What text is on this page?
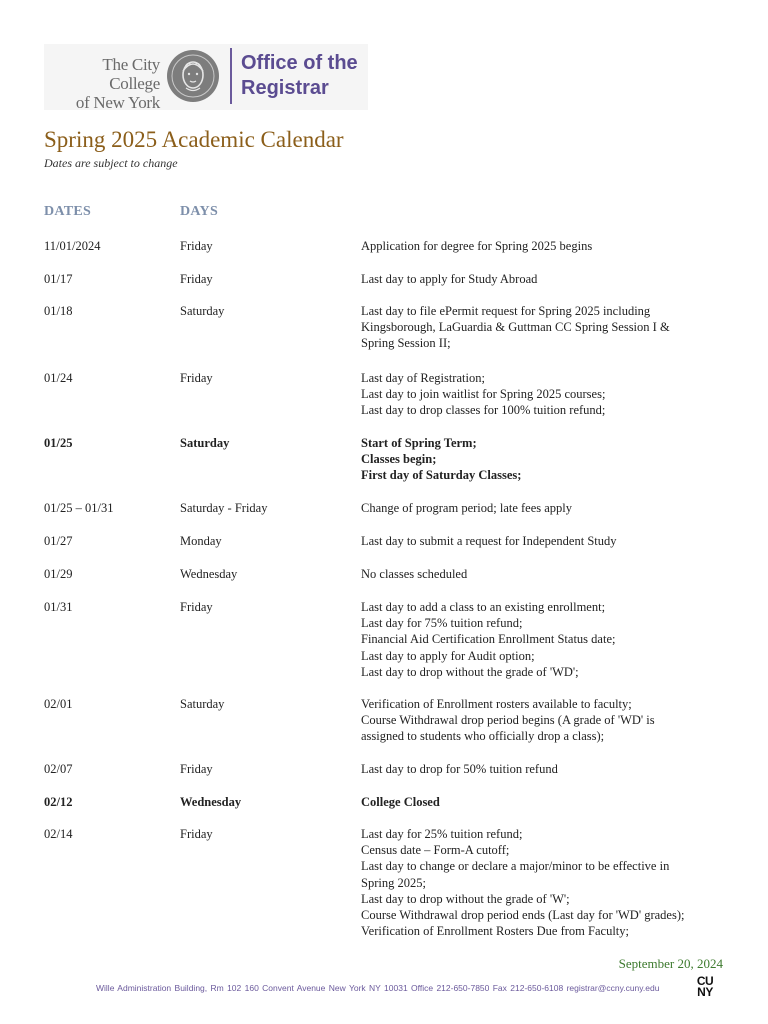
The City College
of New York
Office of the
Registrar
Spring 2025 Academic Calendar
Dates are subject to change
DATES	DAYS
11/01/2024	Friday	Application for degree for Spring 2025 begins
01/17	Friday	Last day to apply for Study Abroad
01/18	Saturday	Last day to file ePermit request for Spring 2025 including
Kingsborough, LaGuardia & Guttman CC Spring Session I &
Spring Session II;
01/24	Friday	Last day of Registration;
Last day to join waitlist for Spring 2025 courses;
Last day to drop classes for 100% tuition refund;
01/25	Saturday	Start of Spring Term;
Classes begin;
First day of Saturday Classes;
01/25 – 01/31	Saturday - Friday	Change of program period; late fees apply
01/27	Monday	Last day to submit a request for Independent Study
01/29	Wednesday	No classes scheduled
01/31	Friday	Last day to add a class to an existing enrollment;
Last day for 75% tuition refund;
Financial Aid Certification Enrollment Status date;
Last day to apply for Audit option;
Last day to drop without the grade of 'WD';
02/01	Saturday	Verification of Enrollment rosters available to faculty;
Course Withdrawal drop period begins (A grade of 'WD' is
assigned to students who officially drop a class);
02/07	Friday	Last day to drop for 50% tuition refund
02/12	Wednesday	College Closed
02/14	Friday	Last day for 25% tuition refund;
Census date – Form-A cutoff;
Last day to change or declare a major/minor to be effective in
Spring 2025;
Last day to drop without the grade of 'W';
Course Withdrawal drop period ends (Last day for 'WD' grades);
Verification of Enrollment Rosters Due from Faculty;
September 20, 2024
Wille Administration Building, Rm 102 160 Convent Avenue New York NY 10031 Office 212-650-7850 Fax 212-650-6108 registrar@ccny.cuny.edu	CU
NY
